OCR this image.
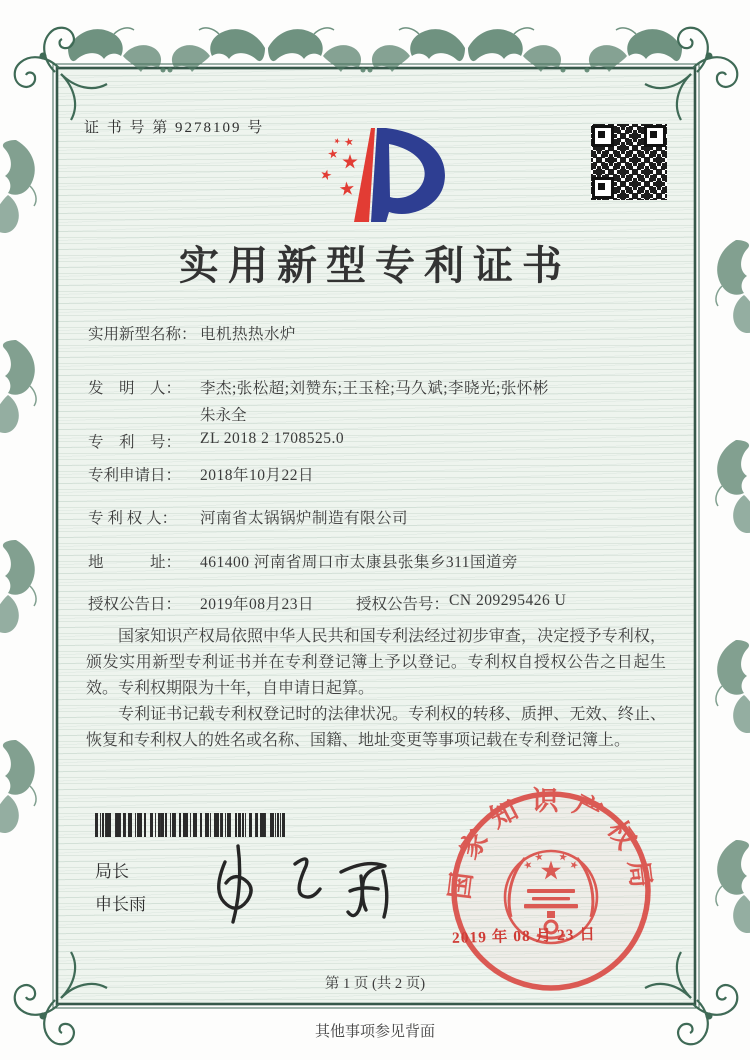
证 书 号 第 9278109 号
实用新型专利证书
实用新型名称： 电机热热水炉
发　明　人：	李杰;张松超;刘赞东;王玉栓;马久斌;李晓光;张怀彬
朱永全
专　利　号：	ZL 2018 2 1708525.0
专利申请日：	2018年10月22日
专 利 权 人：	河南省太锅锅炉制造有限公司
地　　　址：	461400 河南省周口市太康县张集乡311国道旁
授权公告日：	2019年08月23日	授权公告号： CN 209295426 U

国家知识产权局依照中华人民共和国专利法经过初步审查，决定授予专利权，颁发实用新型专利证书并在专利登记簿上予以登记。专利权自授权公告之日起生效。专利权期限为十年，自申请日起算。

专利证书记载专利权登记时的法律状况。专利权的转移、质押、无效、终止、恢复和专利权人的姓名或名称、国籍、地址变更等事项记载在专利登记簿上。

局长
申长雨
国家知识产权局
2019 年 08 月 23 日
第 1 页 (共 2 页)
其他事项参见背面
